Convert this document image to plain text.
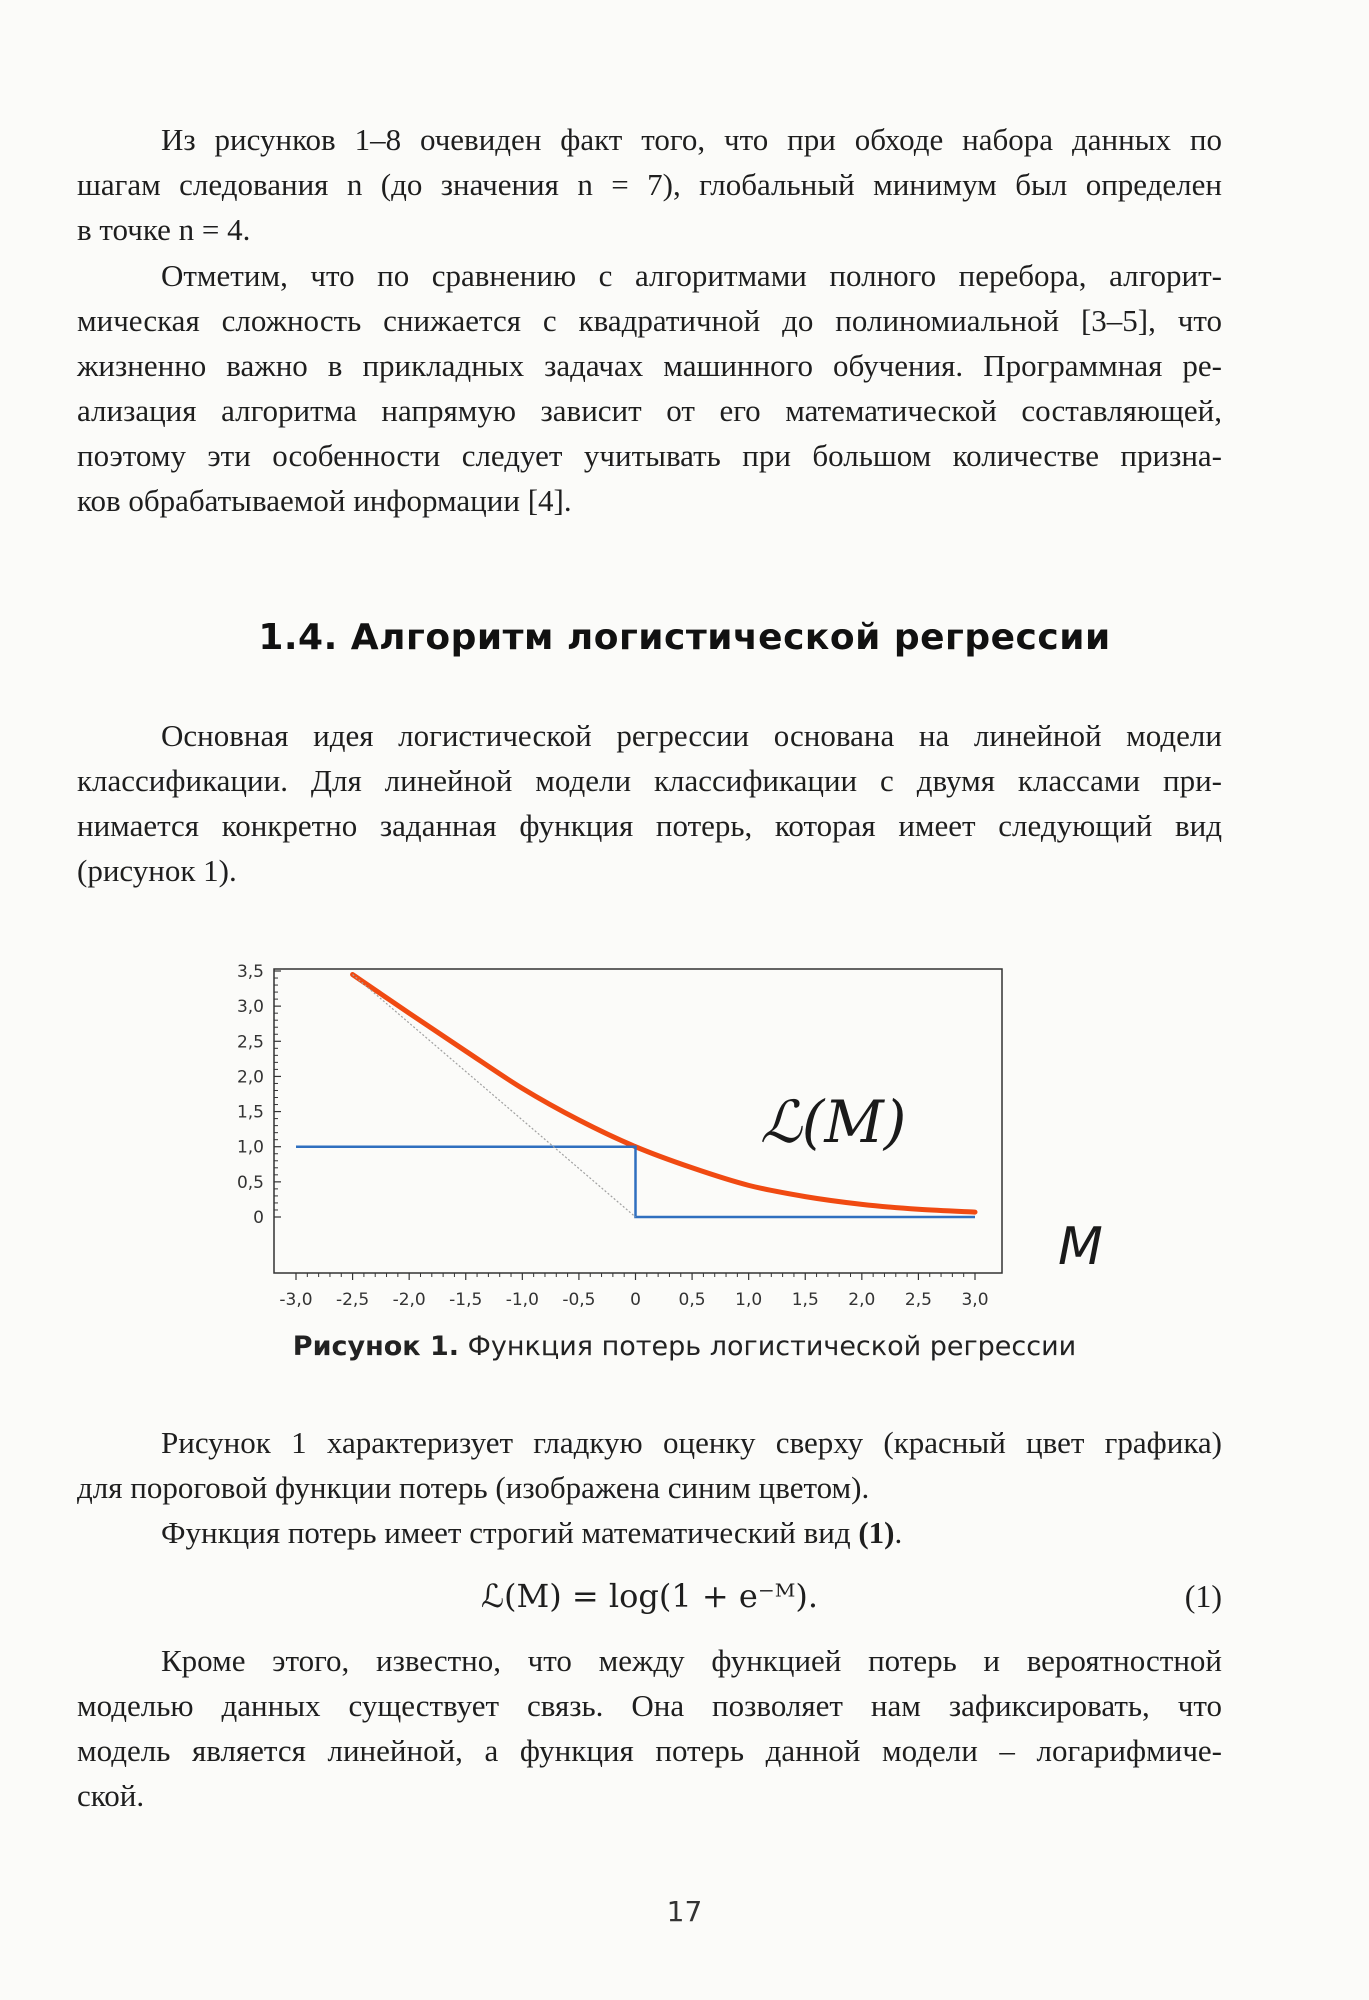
Из рисунков 1–8 очевиден факт того, что при обходе набора данных по
шагам следования n (до значения n = 7), глобальный минимум был определен
в точке n = 4.
Отметим, что по сравнению с алгоритмами полного перебора, алгорит-
мическая сложность снижается с квадратичной до полиномиальной [3–5], что
жизненно важно в прикладных задачах машинного обучения. Программная ре-
ализация алгоритма напрямую зависит от его математической составляющей,
поэтому эти особенности следует учитывать при большом количестве призна-
ков обрабатываемой информации [4].
1.4. Алгоритм логистической регрессии
Основная идея логистической регрессии основана на линейной модели
классификации. Для линейной модели классификации с двумя классами при-
нимается конкретно заданная функция потерь, которая имеет следующий вид
(рисунок 1).
3,5
3,0
2,5
2,0
1,5
1,0
0,5
0
-3,0 -2,5 -2,0 -1,5 -1,0 -0,5 0 0,5 1,0 1,5 2,0 2,5 3,0
ℒ(M)
M
Рисунок 1. Функция потерь логистической регрессии
Рисунок 1 характеризует гладкую оценку сверху (красный цвет графика)
для пороговой функции потерь (изображена синим цветом).
Функция потерь имеет строгий математический вид (1).
ℒ(M) = log(1 + e⁻ᴹ).	(1)
Кроме этого, известно, что между функцией потерь и вероятностной
моделью данных существует связь. Она позволяет нам зафиксировать, что
модель является линейной, а функция потерь данной модели – логарифмиче-
ской.
17
